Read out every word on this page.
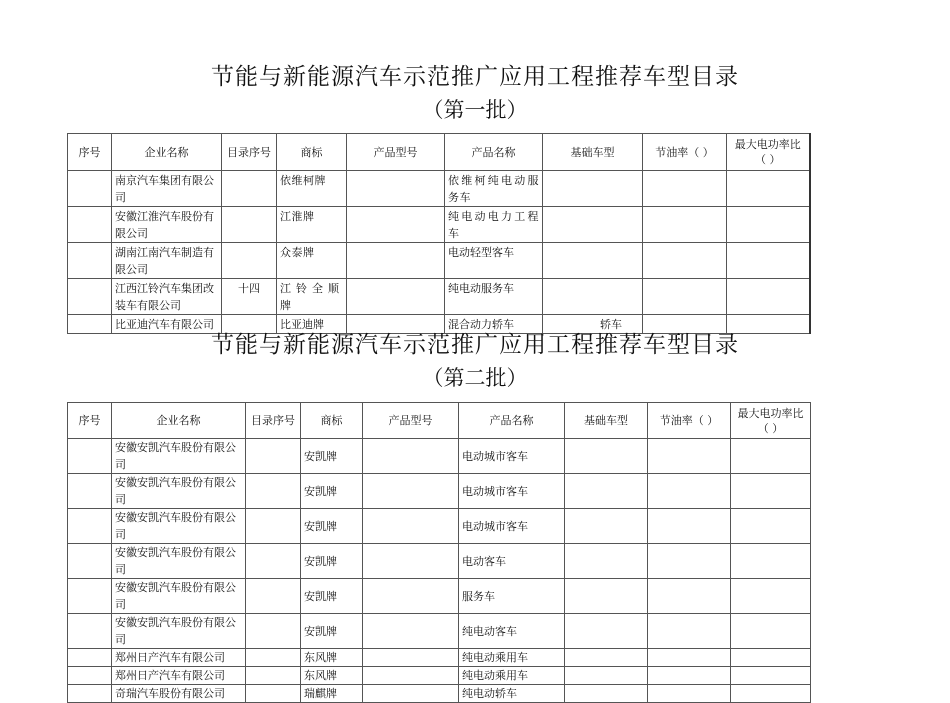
节能与新能源汽车示范推广应用工程推荐车型目录
（第一批）
序号	企业名称	目录序号	商标	产品型号	产品名称	基础车型	节油率（ ）	最大电功率比（ ）
	南京汽车集团有限公司		依维柯牌		依维柯纯电动服务车			
	安徽江淮汽车股份有限公司		江淮牌		纯电动电力工程车			
	湖南江南汽车制造有限公司		众泰牌		电动轻型客车			
	江西江铃汽车集团改装车有限公司	十四	江铃全顺牌		纯电动服务车			
	比亚迪汽车有限公司		比亚迪牌		混合动力轿车	轿车		
节能与新能源汽车示范推广应用工程推荐车型目录
（第二批）
序号	企业名称	目录序号	商标	产品型号	产品名称	基础车型	节油率（ ）	最大电功率比（ ）
	安徽安凯汽车股份有限公司		安凯牌		电动城市客车			
	安徽安凯汽车股份有限公司		安凯牌		电动城市客车			
	安徽安凯汽车股份有限公司		安凯牌		电动城市客车			
	安徽安凯汽车股份有限公司		安凯牌		电动客车			
	安徽安凯汽车股份有限公司		安凯牌		服务车			
	安徽安凯汽车股份有限公司		安凯牌		纯电动客车			
	郑州日产汽车有限公司		东风牌		纯电动乘用车			
	郑州日产汽车有限公司		东风牌		纯电动乘用车			
	奇瑞汽车股份有限公司		瑞麒牌		纯电动轿车			
